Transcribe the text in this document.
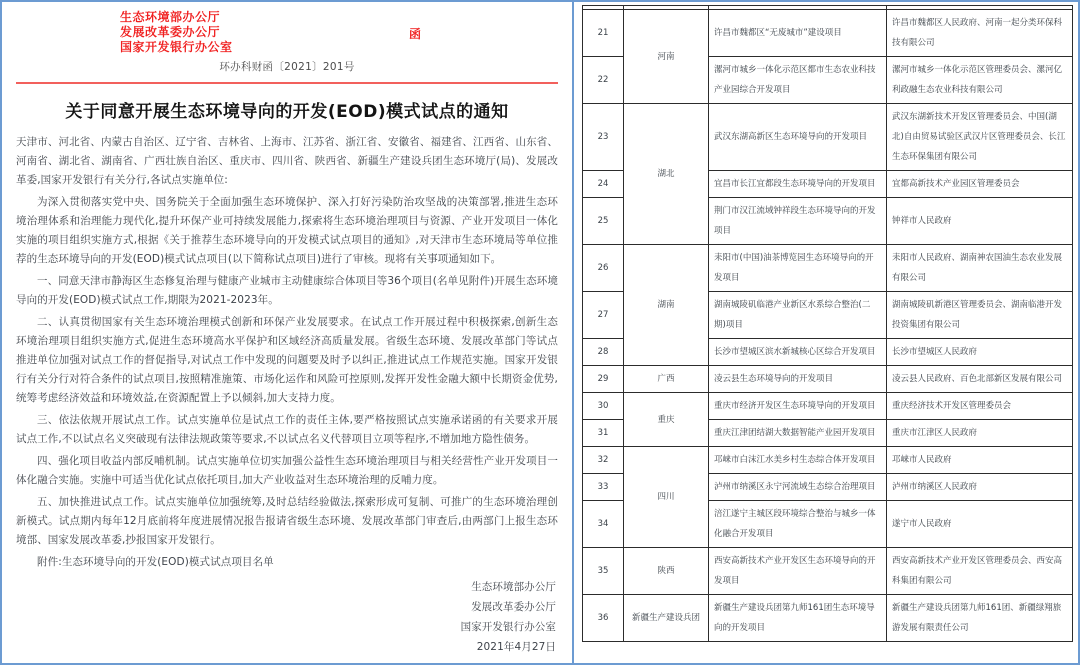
生态环境部办公厅
发展改革委办公厅
国家开发银行办公室
函
环办科财函〔2021〕201号
关于同意开展生态环境导向的开发(EOD)模式试点的通知

天津市、河北省、内蒙古自治区、辽宁省、吉林省、上海市、江苏省、浙江省、安徽省、福建省、江西省、山东省、河南省、湖北省、湖南省、广西壮族自治区、重庆市、四川省、陕西省、新疆生产建设兵团生态环境厅(局)、发展改革委,国家开发银行有关分行,各试点实施单位:

为深入贯彻落实党中央、国务院关于全面加强生态环境保护、深入打好污染防治攻坚战的决策部署,推进生态环境治理体系和治理能力现代化,提升环保产业可持续发展能力,探索将生态环境治理项目与资源、产业开发项目一体化实施的项目组织实施方式,根据《关于推荐生态环境导向的开发模式试点项目的通知》,对天津市生态环境局等单位推荐的生态环境导向的开发(EOD)模式试点项目(以下简称试点项目)进行了审核。现将有关事项通知如下。

一、同意天津市静海区生态修复治理与健康产业城市主动健康综合体项目等36个项目(名单见附件)开展生态环境导向的开发(EOD)模式试点工作,期限为2021-2023年。

二、认真贯彻国家有关生态环境治理模式创新和环保产业发展要求。在试点工作开展过程中积极探索,创新生态环境治理项目组织实施方式,促进生态环境高水平保护和区域经济高质量发展。省级生态环境、发展改革部门等试点推进单位加强对试点工作的督促指导,对试点工作中发现的问题要及时予以纠正,推进试点工作规范实施。国家开发银行有关分行对符合条件的试点项目,按照精准施策、市场化运作和风险可控原则,发挥开发性金融大额中长期资金优势,统筹考虑经济效益和环境效益,在资源配置上予以倾斜,加大支持力度。

三、依法依规开展试点工作。试点实施单位是试点工作的责任主体,要严格按照试点实施承诺函的有关要求开展试点工作,不以试点名义突破现有法律法规政策等要求,不以试点名义代替项目立项等程序,不增加地方隐性债务。

四、强化项目收益内部反哺机制。试点实施单位切实加强公益性生态环境治理项目与相关经营性产业开发项目一体化融合实施。实施中可适当优化试点依托项目,加大产业收益对生态环境治理的反哺力度。

五、加快推进试点工作。试点实施单位加强统筹,及时总结经验做法,探索形成可复制、可推广的生态环境治理创新模式。试点期内每年12月底前将年度进展情况报告报请省级生态环境、发展改革部门审查后,由两部门上报生态环境部、国家发展改革委,抄报国家开发银行。

附件:生态环境导向的开发(EOD)模式试点项目名单

生态环境部办公厅
发展改革委办公厅
国家开发银行办公室
2021年4月27日

21	河南	许昌市魏都区“无废城市”建设项目	许昌市魏都区人民政府、河南一起分类环保科技有限公司
22		漯河市城乡一体化示范区都市生态农业科技产业园综合开发项目	漯河市城乡一体化示范区管理委员会、漯河亿利政融生态农业科技有限公司
23	湖北	武汉东湖高新区生态环境导向的开发项目	武汉东湖新技术开发区管理委员会、中国(湖北)自由贸易试验区武汉片区管理委员会、长江生态环保集团有限公司
24		宜昌市长江宜都段生态环境导向的开发项目	宜都高新技术产业园区管理委员会
25		荆门市汉江流域钟祥段生态环境导向的开发项目	钟祥市人民政府
26	湖南	耒阳市(中国)油茶博览园生态环境导向的开发项目	耒阳市人民政府、湖南神农国油生态农业发展有限公司
27		湖南城陵矶临港产业新区水系综合整治(二期)项目	湖南城陵矶新港区管理委员会、湖南临港开发投资集团有限公司
28		长沙市望城区滨水新城核心区综合开发项目	长沙市望城区人民政府
29	广西	凌云县生态环境导向的开发项目	凌云县人民政府、百色北部新区发展有限公司
30	重庆	重庆市经济开发区生态环境导向的开发项目	重庆经济技术开发区管理委员会
31		重庆江津团结湖大数据智能产业园开发项目	重庆市江津区人民政府
32	四川	邛崃市白沫江水美乡村生态综合体开发项目	邛崃市人民政府
33		泸州市纳溪区永宁河流域生态综合治理项目	泸州市纳溪区人民政府
34		涪江遂宁主城区段环境综合整治与城乡一体化融合开发项目	遂宁市人民政府
35	陕西	西安高新技术产业开发区生态环境导向的开发项目	西安高新技术产业开发区管理委员会、西安高科集团有限公司
36	新疆生产建设兵团	新疆生产建设兵团第九师161团生态环境导向的开发项目	新疆生产建设兵团第九师161团、新疆绿翔旅游发展有限责任公司
